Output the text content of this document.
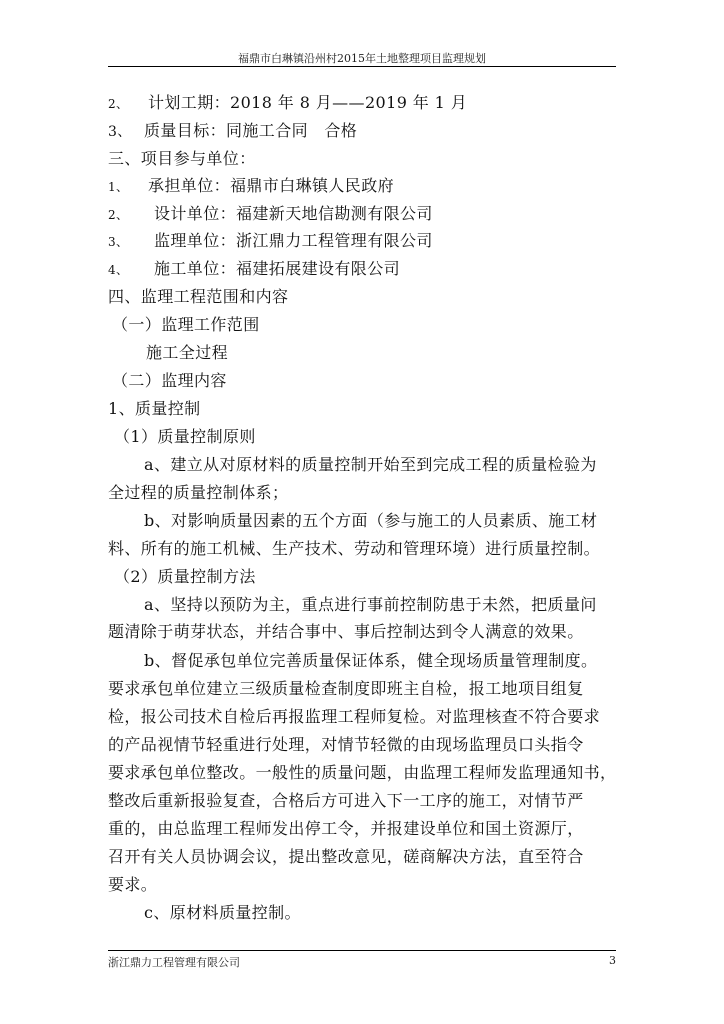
福鼎市白琳镇沿州村2015年土地整理项目监理规划
2、 计划工期：2018 年 8 月——2019 年 1 月
3、 质量目标：同施工合同　合格
三、项目参与单位：
1、 承担单位：福鼎市白琳镇人民政府
2、 设计单位：福建新天地信勘测有限公司
3、 监理单位：浙江鼎力工程管理有限公司
4、 施工单位：福建拓展建设有限公司
四、监理工程范围和内容
（一）监理工作范围
施工全过程
（二）监理内容
1、质量控制
（1）质量控制原则
a、建立从对原材料的质量控制开始至到完成工程的质量检验为
全过程的质量控制体系；
b、对影响质量因素的五个方面（参与施工的人员素质、施工材
料、所有的施工机械、生产技术、劳动和管理环境）进行质量控制。
（2）质量控制方法
a、坚持以预防为主，重点进行事前控制防患于未然，把质量问
题清除于萌芽状态，并结合事中、事后控制达到令人满意的效果。
b、督促承包单位完善质量保证体系，健全现场质量管理制度。
要求承包单位建立三级质量检查制度即班主自检，报工地项目组复
检，报公司技术自检后再报监理工程师复检。对监理核查不符合要求
的产品视情节轻重进行处理，对情节轻微的由现场监理员口头指令
要求承包单位整改。一般性的质量问题，由监理工程师发监理通知书，
整改后重新报验复查，合格后方可进入下一工序的施工，对情节严
重的，由总监理工程师发出停工令，并报建设单位和国土资源厅，
召开有关人员协调会议，提出整改意见，磋商解决方法，直至符合
要求。
c、原材料质量控制。
浙江鼎力工程管理有限公司	3
